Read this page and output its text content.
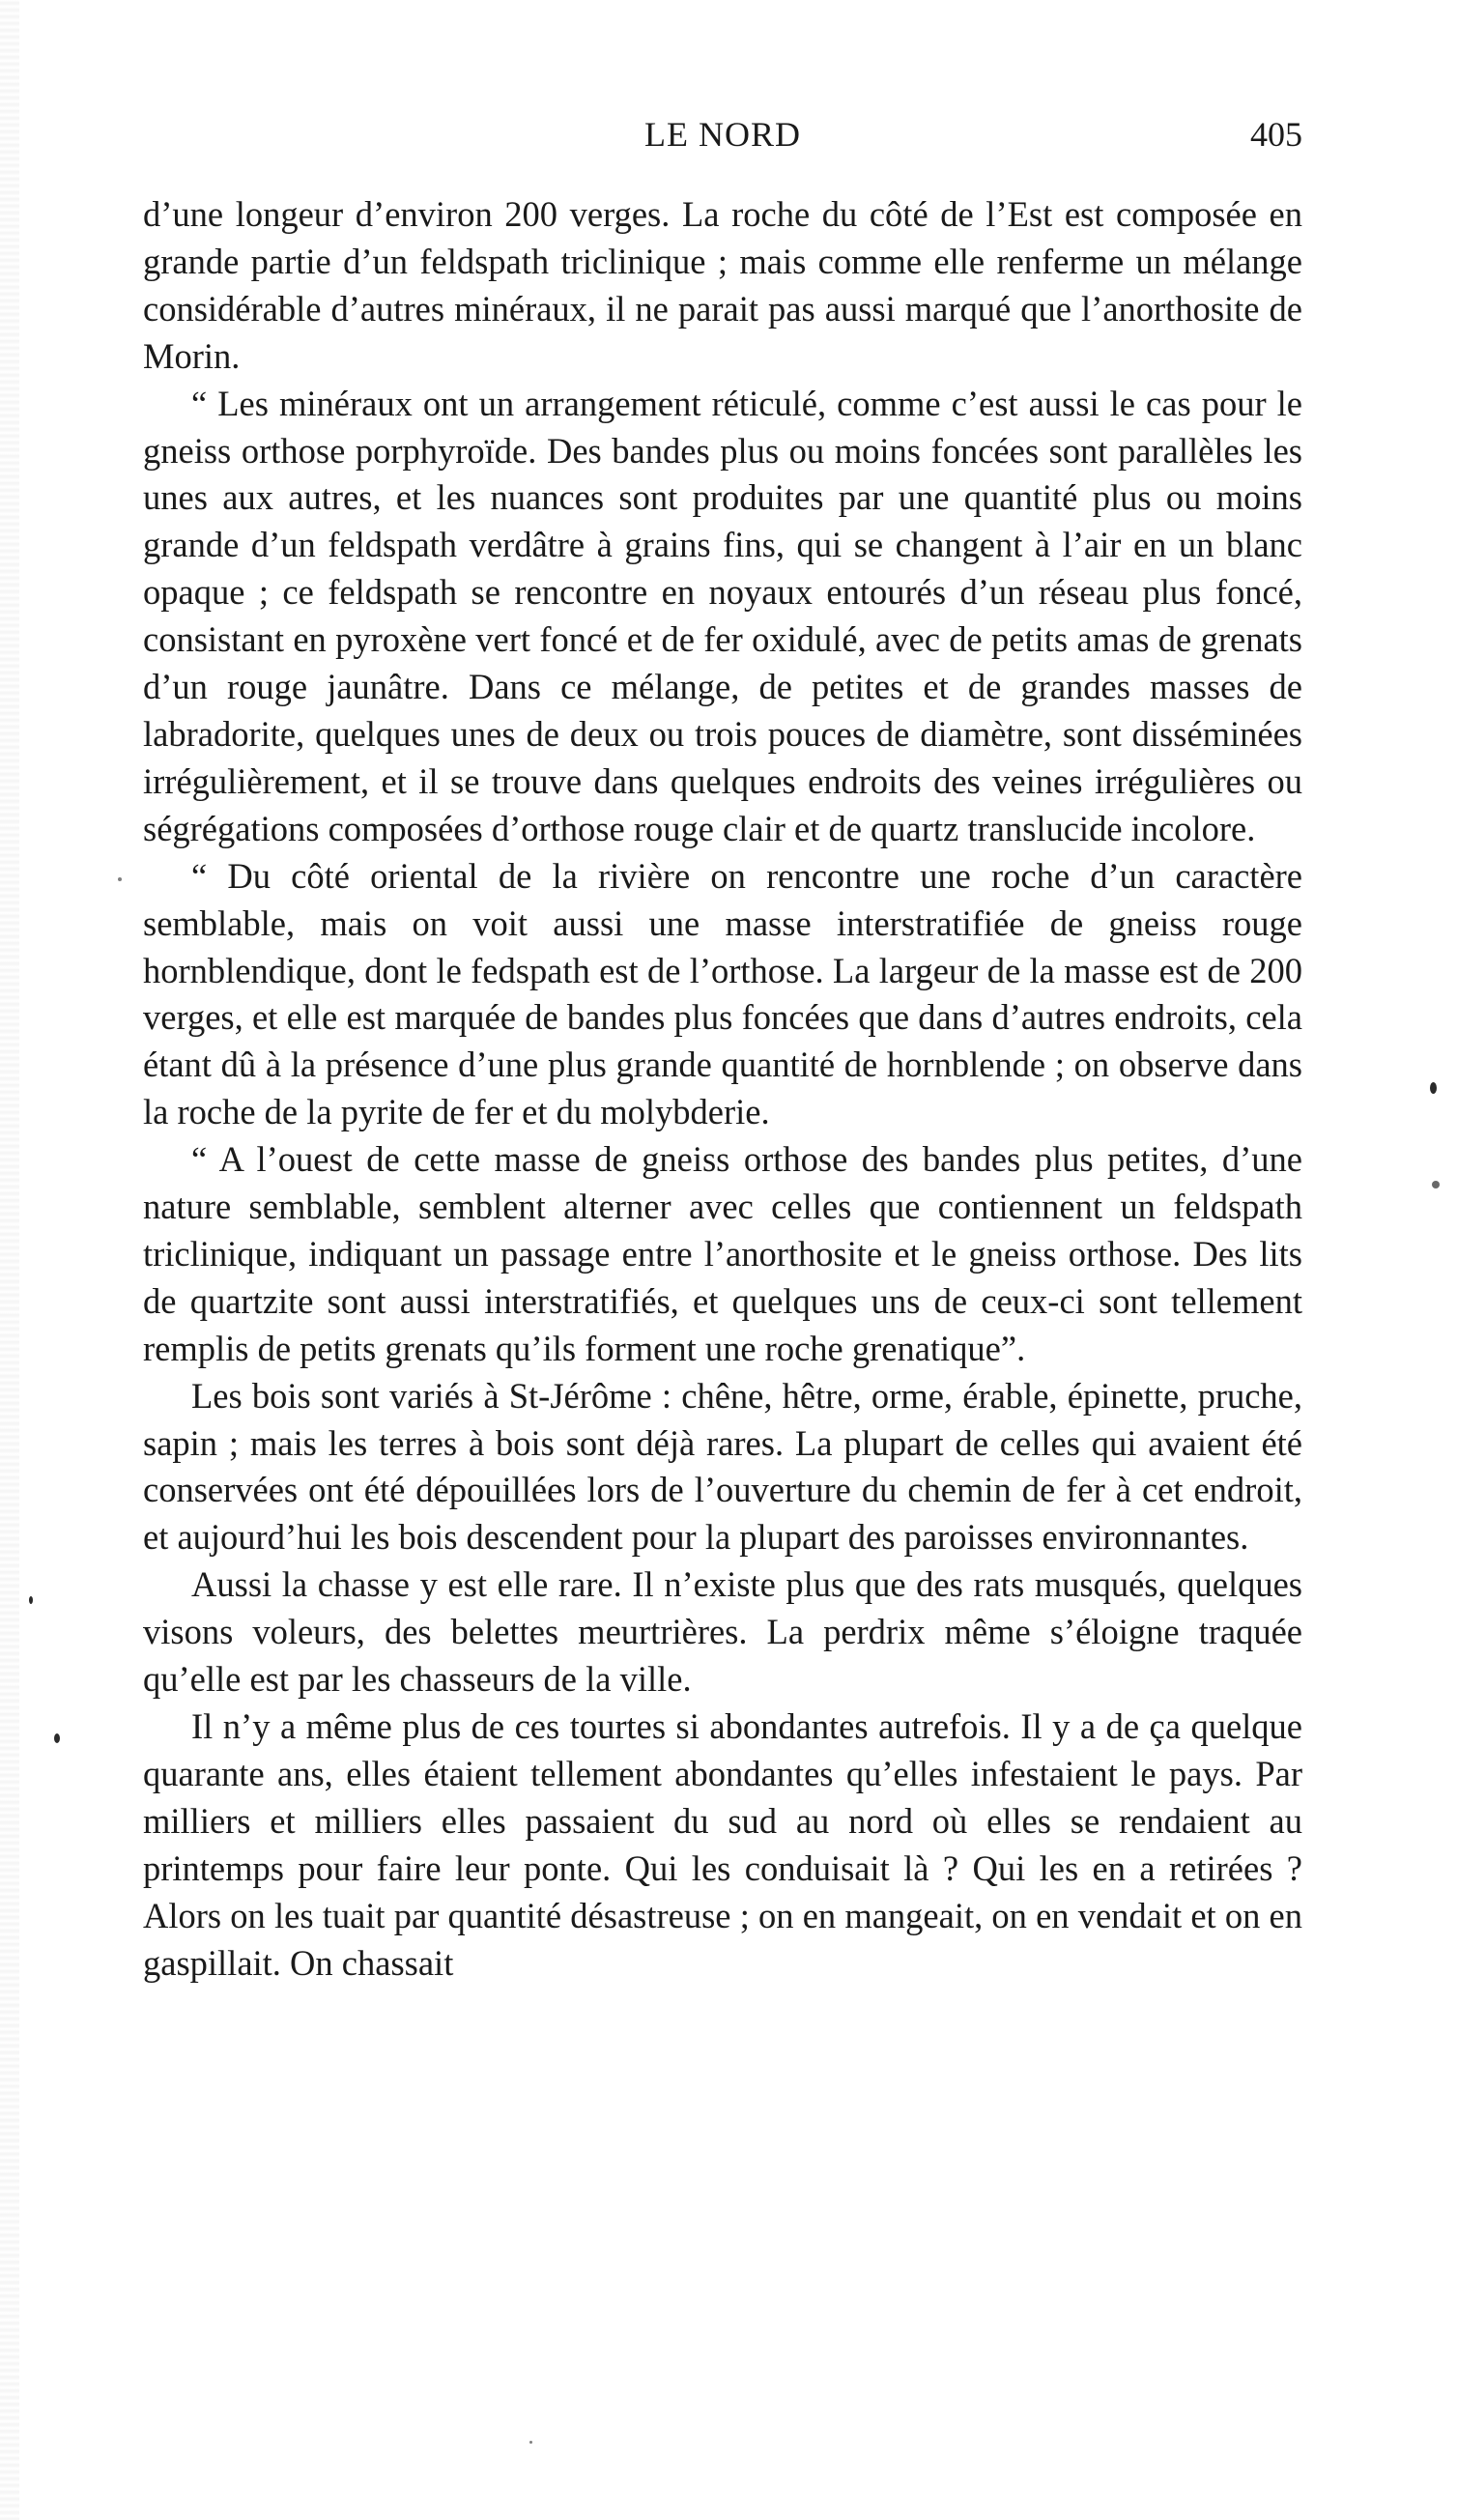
LE NORD	405

d’une longeur d’environ 200 verges. La roche du côté de l’Est est composée en grande partie d’un feldspath triclinique ; mais comme elle renferme un mélange considérable d’autres minéraux, il ne parait pas aussi marqué que l’anorthosite de Morin.

“ Les minéraux ont un arrangement réticulé, comme c’est aussi le cas pour le gneiss orthose porphyroïde. Des bandes plus ou moins foncées sont parallèles les unes aux autres, et les nuances sont produites par une quantité plus ou moins grande d’un feldspath verdâtre à grains fins, qui se changent à l’air en un blanc opaque ; ce feldspath se rencontre en noyaux entourés d’un réseau plus foncé, consistant en pyroxène vert foncé et de fer oxidulé, avec de petits amas de grenats d’un rouge jaunâtre. Dans ce mélange, de petites et de grandes masses de labradorite, quelques unes de deux ou trois pouces de diamètre, sont disséminées irrégulièrement, et il se trouve dans quelques endroits des veines irrégulières ou ségrégations composées d’orthose rouge clair et de quartz translucide incolore.

“ Du côté oriental de la rivière on rencontre une roche d’un caractère semblable, mais on voit aussi une masse interstratifiée de gneiss rouge hornblendique, dont le fedspath est de l’orthose. La largeur de la masse est de 200 verges, et elle est marquée de bandes plus foncées que dans d’autres endroits, cela étant dû à la présence d’une plus grande quantité de hornblende ; on observe dans la roche de la pyrite de fer et du molybderie.

“ A l’ouest de cette masse de gneiss orthose des bandes plus petites, d’une nature semblable, semblent alterner avec celles que contiennent un feldspath triclinique, indiquant un passage entre l’anorthosite et le gneiss orthose. Des lits de quartzite sont aussi interstratifiés, et quelques uns de ceux-ci sont tellement remplis de petits grenats qu’ils forment une roche grenatique”.

Les bois sont variés à St-Jérôme : chêne, hêtre, orme, érable, épinette, pruche, sapin ; mais les terres à bois sont déjà rares. La plupart de celles qui avaient été conservées ont été dépouillées lors de l’ouverture du chemin de fer à cet endroit, et aujourd’hui les bois descendent pour la plupart des paroisses environnantes.

Aussi la chasse y est elle rare. Il n’existe plus que des rats musqués, quelques visons voleurs, des belettes meurtrières. La perdrix même s’éloigne traquée qu’elle est par les chasseurs de la ville.

Il n’y a même plus de ces tourtes si abondantes autrefois. Il y a de ça quelque quarante ans, elles étaient tellement abondantes qu’elles infestaient le pays. Par milliers et milliers elles passaient du sud au nord où elles se rendaient au printemps pour faire leur ponte. Qui les conduisait là ? Qui les en a retirées ? Alors on les tuait par quantité désastreuse ; on en mangeait, on en vendait et on en gaspillait. On chassait
